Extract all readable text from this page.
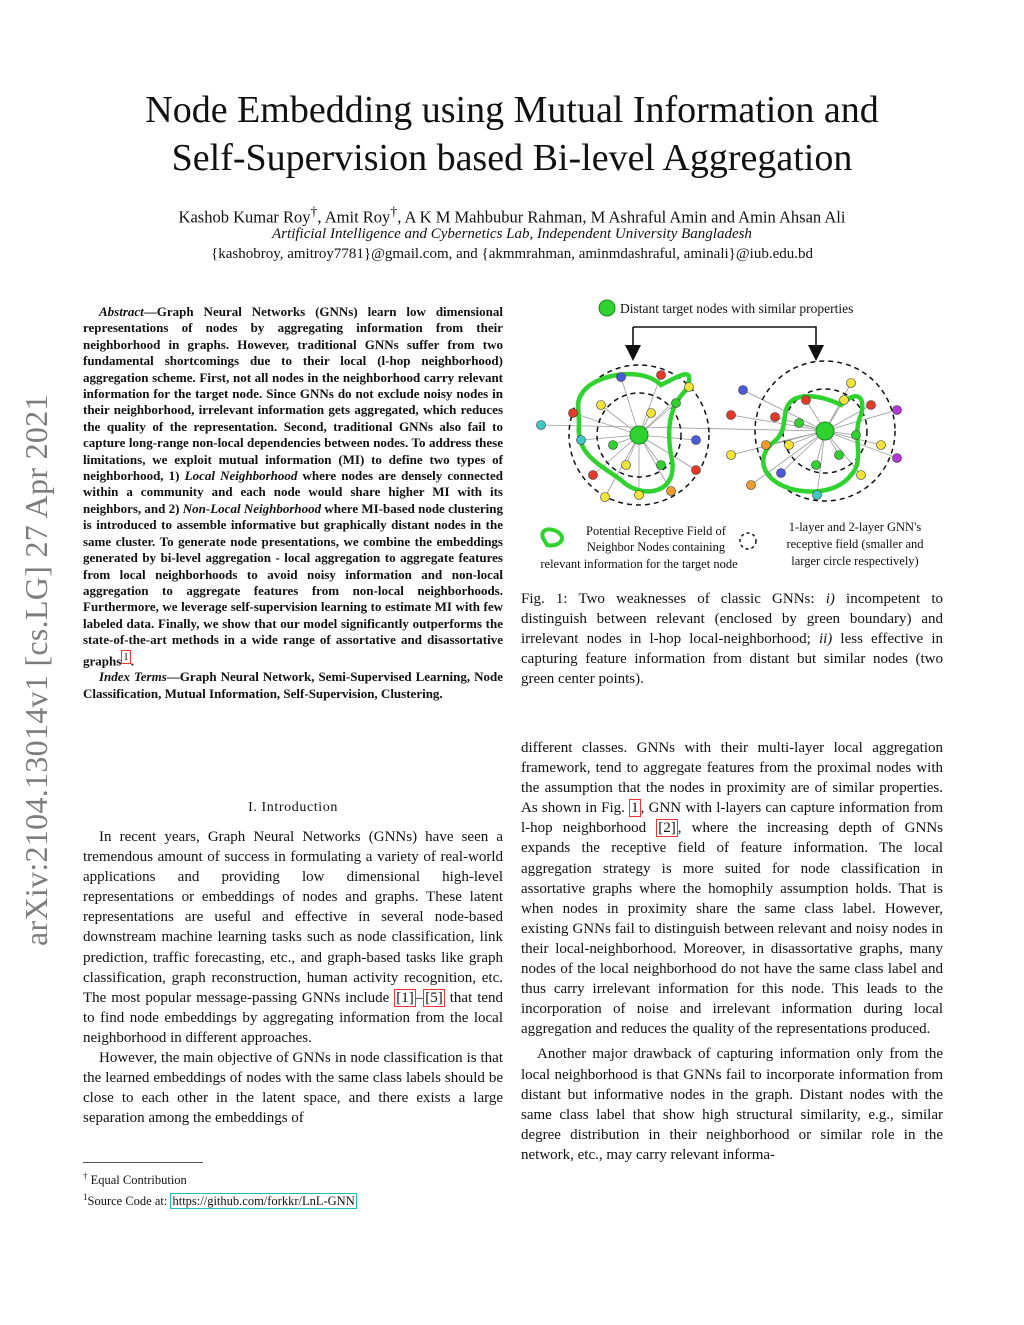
Node Embedding using Mutual Information and
Self-Supervision based Bi-level Aggregation
Kashob Kumar Roy†, Amit Roy†, A K M Mahbubur Rahman, M Ashraful Amin and Amin Ahsan Ali
Artificial Intelligence and Cybernetics Lab, Independent University Bangladesh
{kashobroy, amitroy7781}@gmail.com, and {akmmrahman, aminmdashraful, aminali}@iub.edu.bd
arXiv:2104.13014v1 [cs.LG] 27 Apr 2021

Abstract—Graph Neural Networks (GNNs) learn low dimensional representations of nodes by aggregating information from their neighborhood in graphs. However, traditional GNNs suffer from two fundamental shortcomings due to their local (l-hop neighborhood) aggregation scheme. First, not all nodes in the neighborhood carry relevant information for the target node. Since GNNs do not exclude noisy nodes in their neighborhood, irrelevant information gets aggregated, which reduces the quality of the representation. Second, traditional GNNs also fail to capture long-range non-local dependencies between nodes. To address these limitations, we exploit mutual information (MI) to define two types of neighborhood, 1) Local Neighborhood where nodes are densely connected within a community and each node would share higher MI with its neighbors, and 2) Non-Local Neighborhood where MI-based node clustering is introduced to assemble informative but graphically distant nodes in the same cluster. To generate node presentations, we combine the embeddings generated by bi-level aggregation - local aggregation to aggregate features from local neighborhoods to avoid noisy information and non-local aggregation to aggregate features from non-local neighborhoods. Furthermore, we leverage self-supervision learning to estimate MI with few labeled data. Finally, we show that our model significantly outperforms the state-of-the-art methods in a wide range of assortative and disassortative graphs $^1$ .

Index Terms—Graph Neural Network, Semi-Supervised Learning, Node Classification, Mutual Information, Self-Supervision, Clustering.

I. Introduction

In recent years, Graph Neural Networks (GNNs) have seen a tremendous amount of success in formulating a variety of real-world applications and providing low dimensional high-level representations or embeddings of nodes and graphs. These latent representations are useful and effective in several node-based downstream machine learning tasks such as node classification, link prediction, traffic forecasting, etc., and graph-based tasks like graph classification, graph reconstruction, human activity recognition, etc. The most popular message-passing GNNs include [1] – [5] that tend to find node embeddings by aggregating information from the local neighborhood in different approaches.

However, the main objective of GNNs in node classification is that the learned embeddings of nodes with the same class labels should be close to each other in the latent space, and there exists a large separation among the embeddings of

† Equal Contribution

$^1$Source Code at: https://github.com/forkkr/LnL-GNN

Distant target nodes with similar properties
Potential Receptive Field of
Neighbor Nodes containing
relevant information for the target node
1-layer and 2-layer GNN's
receptive field (smaller and
larger circle respectively)
Fig. 1: Two weaknesses of classic GNNs: i) incompetent to distinguish between relevant (enclosed by green boundary) and irrelevant nodes in l-hop local-neighborhood; ii) less effective in capturing feature information from distant but similar nodes (two green center points).

different classes. GNNs with their multi-layer local aggregation framework, tend to aggregate features from the proximal nodes with the assumption that the nodes in proximity are of similar properties. As shown in Fig. 1 , GNN with l-layers can capture information from l-hop neighborhood [2] , where the increasing depth of GNNs expands the receptive field of feature information. The local aggregation strategy is more suited for node classification in assortative graphs where the homophily assumption holds. That is when nodes in proximity share the same class label. However, existing GNNs fail to distinguish between relevant and noisy nodes in their local-neighborhood. Moreover, in disassortative graphs, many nodes of the local neighborhood do not have the same class label and thus carry irrelevant information for this node. This leads to the incorporation of noise and irrelevant information during local aggregation and reduces the quality of the representations produced.

Another major drawback of capturing information only from the local neighborhood is that GNNs fail to incorporate information from distant but informative nodes in the graph. Distant nodes with the same class label that show high structural similarity, e.g., similar degree distribution in their neighborhood or similar role in the network, etc., may carry relevant informa-
